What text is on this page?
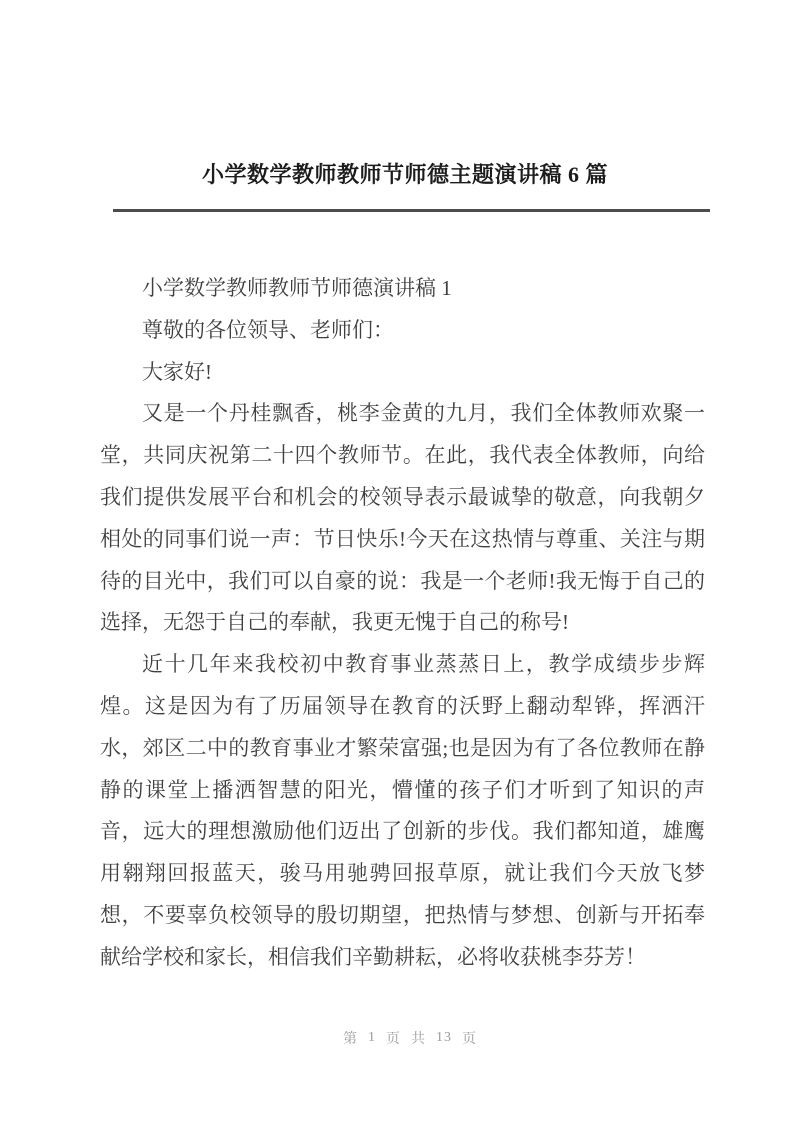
小学数学教师教师节师德主题演讲稿 6 篇

小学数学教师教师节师德演讲稿 1

尊敬的各位领导、老师们：

大家好!

又是一个丹桂飘香，桃李金黄的九月，我们全体教师欢聚一堂，共同庆祝第二十四个教师节。在此，我代表全体教师，向给我们提供发展平台和机会的校领导表示最诚挚的敬意，向我朝夕相处的同事们说一声：节日快乐!今天在这热情与尊重、关注与期待的目光中，我们可以自豪的说：我是一个老师!我无悔于自己的选择，无怨于自己的奉献，我更无愧于自己的称号!

近十几年来我校初中教育事业蒸蒸日上，教学成绩步步辉煌。这是因为有了历届领导在教育的沃野上翻动犁铧，挥洒汗水，郊区二中的教育事业才繁荣富强;也是因为有了各位教师在静静的课堂上播洒智慧的阳光，懵懂的孩子们才听到了知识的声音，远大的理想激励他们迈出了创新的步伐。我们都知道，雄鹰用翱翔回报蓝天，骏马用驰骋回报草原，就让我们今天放飞梦想，不要辜负校领导的殷切期望，把热情与梦想、创新与开拓奉献给学校和家长，相信我们辛勤耕耘，必将收获桃李芬芳！

第 1 页 共 13 页
